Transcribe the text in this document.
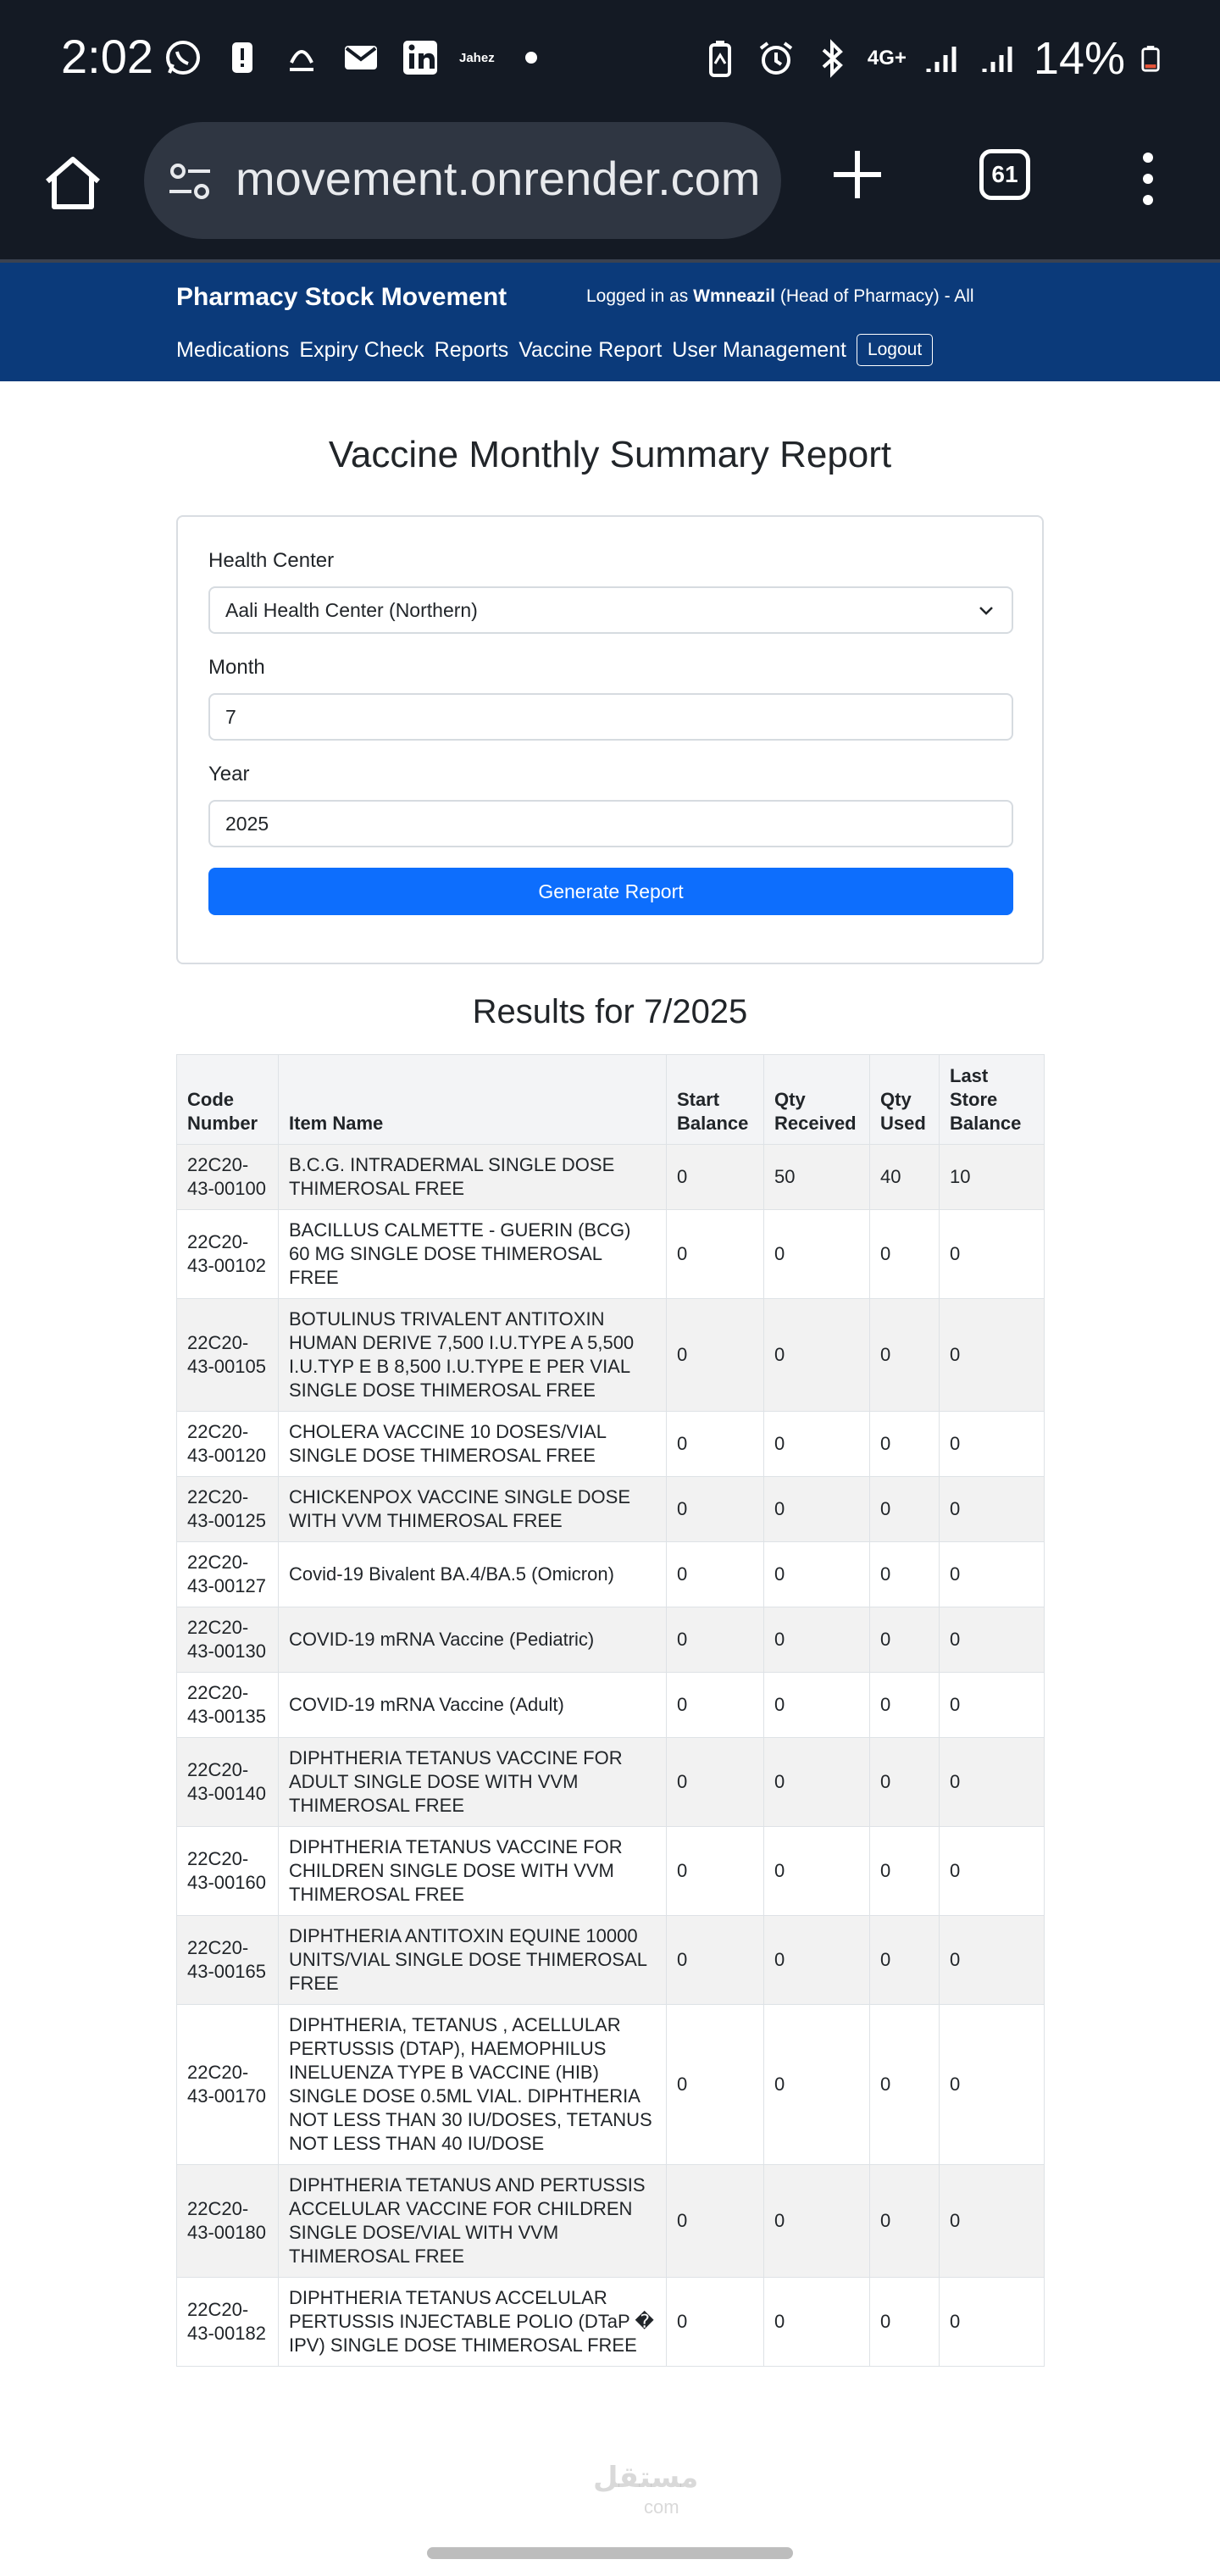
2:02	Jahez	4G+	14%
movement.onrender.com	61
Pharmacy Stock Movement	Logged in as Wmneazil (Head of Pharmacy) - All
Medications Expiry Check Reports Vaccine Report User Management	Logout
Vaccine Monthly Summary Report
Health Center
Aali Health Center (Northern)
Month
7
Year
2025
Generate Report
Results for 7/2025
Code Number	Item Name	Start Balance	Qty Received	Qty Used	Last Store Balance
22C20-43-00100	B.C.G. INTRADERMAL SINGLE DOSE THIMEROSAL FREE	0	50	40	10
22C20-43-00102	BACILLUS CALMETTE - GUERIN (BCG) 60 MG SINGLE DOSE THIMEROSAL FREE	0	0	0	0
22C20-43-00105	BOTULINUS TRIVALENT ANTITOXIN HUMAN DERIVE 7,500 I.U.TYPE A 5,500 I.U.TYP E B 8,500 I.U.TYPE E PER VIAL SINGLE DOSE THIMEROSAL FREE	0	0	0	0
22C20-43-00120	CHOLERA VACCINE 10 DOSES/VIAL SINGLE DOSE THIMEROSAL FREE	0	0	0	0
22C20-43-00125	CHICKENPOX VACCINE SINGLE DOSE WITH VVM THIMEROSAL FREE	0	0	0	0
22C20-43-00127	Covid-19 Bivalent BA.4/BA.5 (Omicron)	0	0	0	0
22C20-43-00130	COVID-19 mRNA Vaccine (Pediatric)	0	0	0	0
22C20-43-00135	COVID-19 mRNA Vaccine (Adult)	0	0	0	0
22C20-43-00140	DIPHTHERIA TETANUS VACCINE FOR ADULT SINGLE DOSE WITH VVM THIMEROSAL FREE	0	0	0	0
22C20-43-00160	DIPHTHERIA TETANUS VACCINE FOR CHILDREN SINGLE DOSE WITH VVM THIMEROSAL FREE	0	0	0	0
22C20-43-00165	DIPHTHERIA ANTITOXIN EQUINE 10000 UNITS/VIAL SINGLE DOSE THIMEROSAL FREE	0	0	0	0
22C20-43-00170	DIPHTHERIA, TETANUS , ACELLULAR PERTUSSIS (DTAP), HAEMOPHILUS INELUENZA TYPE B VACCINE (HIB) SINGLE DOSE 0.5ML VIAL. DIPHTHERIA NOT LESS THAN 30 IU/DOSES, TETANUS NOT LESS THAN 40 IU/DOSE	0	0	0	0
22C20-43-00180	DIPHTHERIA TETANUS AND PERTUSSIS ACCELULAR VACCINE FOR CHILDREN SINGLE DOSE/VIAL WITH VVM THIMEROSAL FREE	0	0	0	0
22C20-43-00182	DIPHTHERIA TETANUS ACCELULAR PERTUSSIS INJECTABLE POLIO (DTaP � IPV) SINGLE DOSE THIMEROSAL FREE	0	0	0	0
مستقل
com
